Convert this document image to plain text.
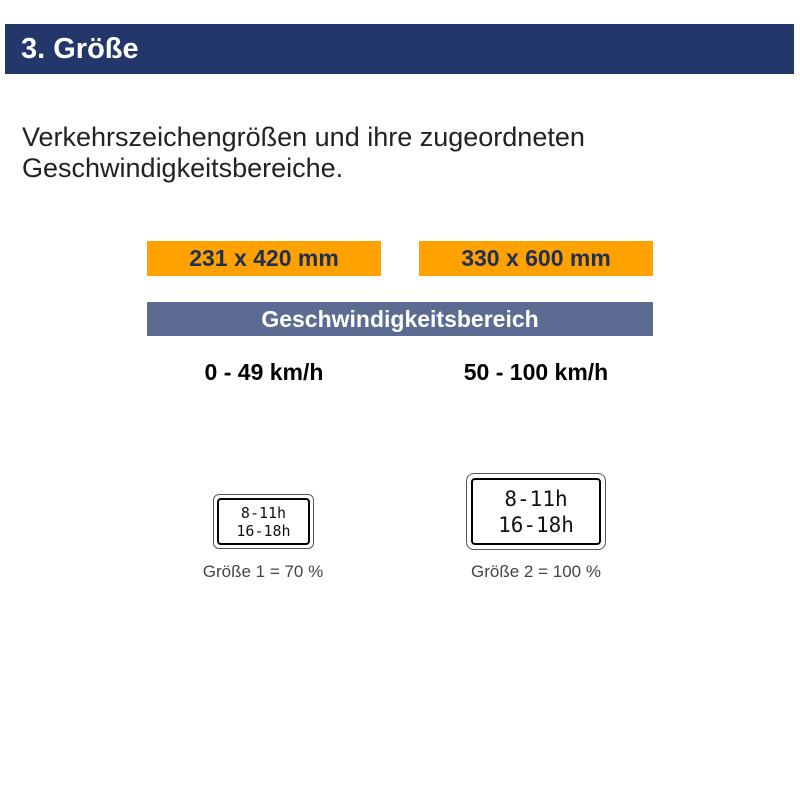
3. Größe
Verkehrszeichengrößen und ihre zugeordneten Geschwindigkeitsbereiche.
231 x 420 mm	330 x 600 mm
Geschwindigkeitsbereich
0 - 49 km/h	50 - 100 km/h
8-11h
16-18h
Größe 1 = 70 %
8-11h
16-18h
Größe 2 = 100 %
